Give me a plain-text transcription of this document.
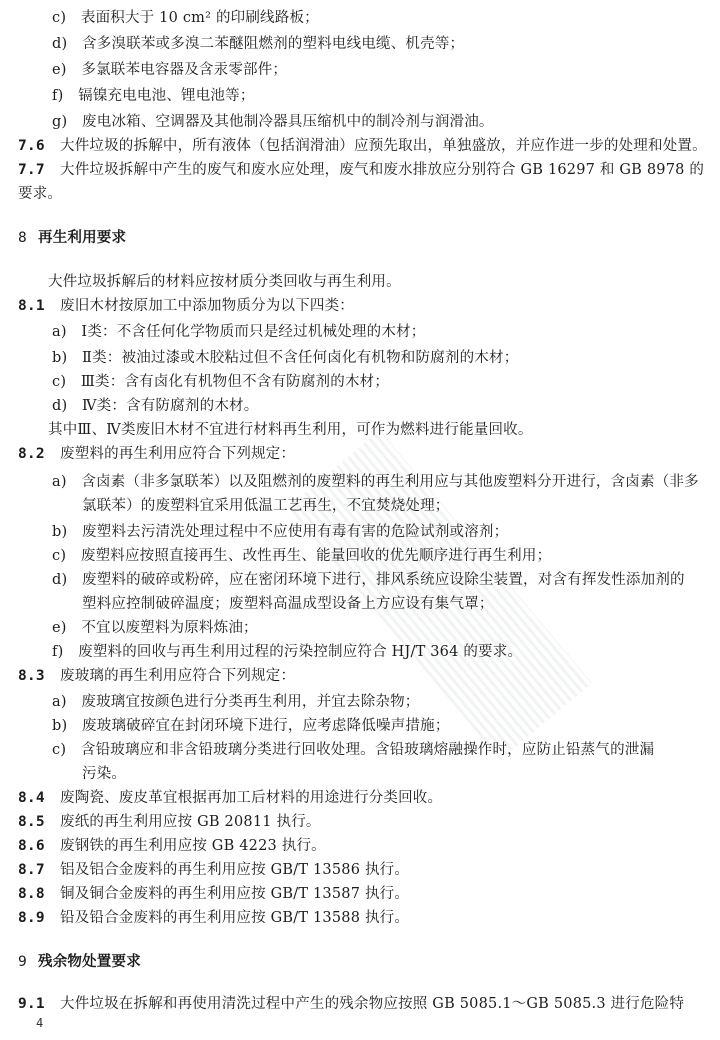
c)　表面积大于 10 cm² 的印刷线路板；
d)　含多溴联苯或多溴二苯醚阻燃剂的塑料电线电缆、机壳等；
e)　多氯联苯电容器及含汞零部件；
f)　镉镍充电电池、锂电池等；
g)　废电冰箱、空调器及其他制冷器具压缩机中的制冷剂与润滑油。
7.6 大件垃圾的拆解中，所有液体（包括润滑油）应预先取出，单独盛放，并应作进一步的处理和处置。
7.7 大件垃圾拆解中产生的废气和废水应处理，废气和废水排放应分别符合 GB 16297 和 GB 8978 的
要求。
8 再生利用要求
大件垃圾拆解后的材料应按材质分类回收与再生利用。
8.1 废旧木材按原加工中添加物质分为以下四类：
a)　Ⅰ类：不含任何化学物质而只是经过机械处理的木材；
b)　Ⅱ类：被油过漆或木胶粘过但不含任何卤化有机物和防腐剂的木材；
c)　Ⅲ类：含有卤化有机物但不含有防腐剂的木材；
d)　Ⅳ类：含有防腐剂的木材。
其中Ⅲ、Ⅳ类废旧木材不宜进行材料再生利用，可作为燃料进行能量回收。
8.2 废塑料的再生利用应符合下列规定：
a)　含卤素（非多氯联苯）以及阻燃剂的废塑料的再生利用应与其他废塑料分开进行，含卤素（非多
氯联苯）的废塑料宜采用低温工艺再生，不宜焚烧处理；
b)　废塑料去污清洗处理过程中不应使用有毒有害的危险试剂或溶剂；
c)　废塑料应按照直接再生、改性再生、能量回收的优先顺序进行再生利用；
d)　废塑料的破碎或粉碎，应在密闭环境下进行，排风系统应设除尘装置，对含有挥发性添加剂的
塑料应控制破碎温度；废塑料高温成型设备上方应设有集气罩；
e)　不宜以废塑料为原料炼油；
f)　废塑料的回收与再生利用过程的污染控制应符合 HJ/T 364 的要求。
8.3 废玻璃的再生利用应符合下列规定：
a)　废玻璃宜按颜色进行分类再生利用，并宜去除杂物；
b)　废玻璃破碎宜在封闭环境下进行，应考虑降低噪声措施；
c)　含铅玻璃应和非含铅玻璃分类进行回收处理。含铅玻璃熔融操作时，应防止铅蒸气的泄漏
污染。
8.4 废陶瓷、废皮革宜根据再加工后材料的用途进行分类回收。
8.5 废纸的再生利用应按 GB 20811 执行。
8.6 废钢铁的再生利用应按 GB 4223 执行。
8.7 铝及铝合金废料的再生利用应按 GB/T 13586 执行。
8.8 铜及铜合金废料的再生利用应按 GB/T 13587 执行。
8.9 铅及铅合金废料的再生利用应按 GB/T 13588 执行。
9 残余物处置要求
9.1 大件垃圾在拆解和再使用清洗过程中产生的残余物应按照 GB 5085.1～GB 5085.3 进行危险特
4
